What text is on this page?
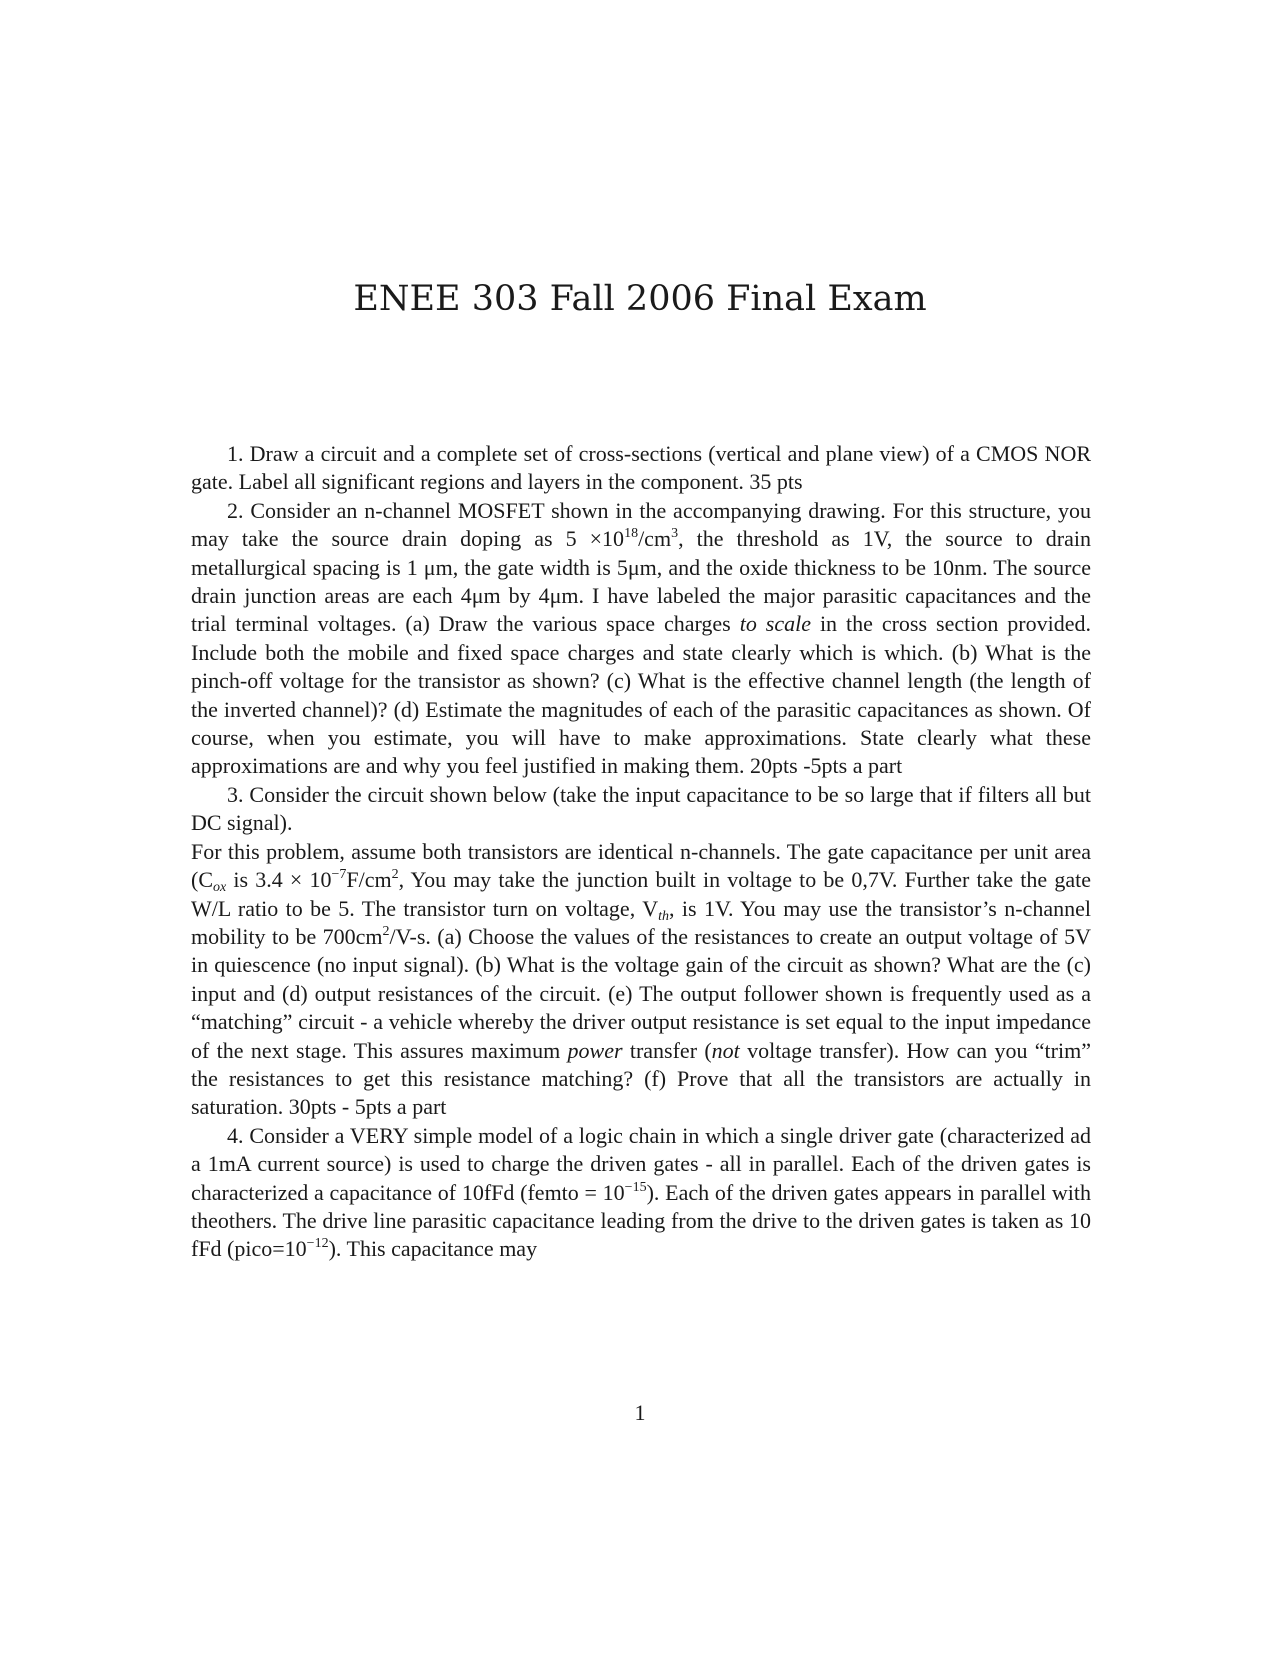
ENEE 303 Fall 2006 Final Exam

1. Draw a circuit and a complete set of cross-sections (vertical and plane view) of a CMOS NOR gate. Label all significant regions and layers in the component. 35 pts

2. Consider an n-channel MOSFET shown in the accompanying drawing. For this structure, you may take the source drain doping as $5 \times 10^{18}/cm^3$, the threshold as 1V, the source to drain metallurgical spacing is 1 μm, the gate width is 5μm, and the oxide thickness to be 10nm. The source drain junction areas are each 4μm by 4μm. I have labeled the major parasitic capacitances and the trial terminal voltages. (a) Draw the various space charges to scale in the cross section provided. Include both the mobile and fixed space charges and state clearly which is which. (b) What is the pinch-off voltage for the transistor as shown? (c) What is the effective channel length (the length of the inverted channel)? (d) Estimate the magnitudes of each of the parasitic capacitances as shown. Of course, when you estimate, you will have to make approximations. State clearly what these approximations are and why you feel justified in making them. 20pts -5pts a part

3. Consider the circuit shown below (take the input capacitance to be so large that if filters all but DC signal).

For this problem, assume both transistors are identical n-channels. The gate capacitance per unit area ($C_{ox}$ is $3.4 \times 10^{-7}F/cm^2$, You may take the junction built in voltage to be 0,7V. Further take the gate W/L ratio to be 5. The transistor turn on voltage, $V_{th}$, is 1V. You may use the transistor’s n-channel mobility to be $700cm^2/V-s$. (a) Choose the values of the resistances to create an output voltage of 5V in quiescence (no input signal). (b) What is the voltage gain of the circuit as shown? What are the (c) input and (d) output resistances of the circuit. (e) The output follower shown is frequently used as a “matching” circuit - a vehicle whereby the driver output resistance is set equal to the input impedance of the next stage. This assures maximum power transfer (not voltage transfer). How can you “trim” the resistances to get this resistance matching? (f) Prove that all the transistors are actually in saturation. 30pts - 5pts a part

4. Consider a VERY simple model of a logic chain in which a single driver gate (characterized ad a 1mA current source) is used to charge the driven gates - all in parallel. Each of the driven gates is characterized a capacitance of 10fFd (femto = $10^{-15}$). Each of the driven gates appears in parallel with theothers. The drive line parasitic capacitance leading from the drive to the driven gates is taken as 10 fFd $(pico=10^{-12})$. This capacitance may

1
